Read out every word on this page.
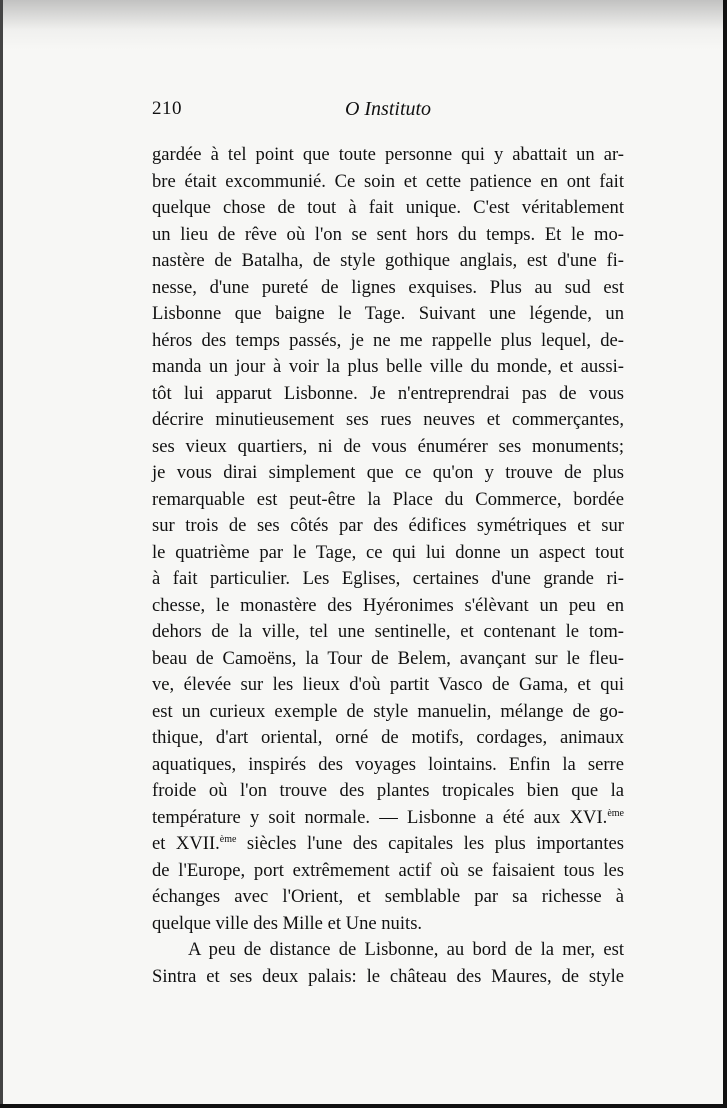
210	O Instituto
gardée à tel point que toute personne qui y abattait un ar-
bre était excommunié. Ce soin et cette patience en ont fait
quelque chose de tout à fait unique. C'est véritablement
un lieu de rêve où l'on se sent hors du temps. Et le mo-
nastère de Batalha, de style gothique anglais, est d'une fi-
nesse, d'une pureté de lignes exquises. Plus au sud est
Lisbonne que baigne le Tage. Suivant une légende, un
héros des temps passés, je ne me rappelle plus lequel, de-
manda un jour à voir la plus belle ville du monde, et aussi-
tôt lui apparut Lisbonne. Je n'entreprendrai pas de vous
décrire minutieusement ses rues neuves et commerçantes,
ses vieux quartiers, ni de vous énumérer ses monuments;
je vous dirai simplement que ce qu'on y trouve de plus
remarquable est peut-être la Place du Commerce, bordée
sur trois de ses côtés par des édifices symétriques et sur
le quatrième par le Tage, ce qui lui donne un aspect tout
à fait particulier. Les Eglises, certaines d'une grande ri-
chesse, le monastère des Hyéronimes s'élèvant un peu en
dehors de la ville, tel une sentinelle, et contenant le tom-
beau de Camoëns, la Tour de Belem, avançant sur le fleu-
ve, élevée sur les lieux d'où partit Vasco de Gama, et qui
est un curieux exemple de style manuelin, mélange de go-
thique, d'art oriental, orné de motifs, cordages, animaux
aquatiques, inspirés des voyages lointains. Enfin la serre
froide où l'on trouve des plantes tropicales bien que la
température y soit normale. — Lisbonne a été aux XVI.$^{ème}$
et XVII.$^{ème}$ siècles l'une des capitales les plus importantes
de l'Europe, port extrêmement actif où se faisaient tous les
échanges avec l'Orient, et semblable par sa richesse à
quelque ville des Mille et Une nuits.
A peu de distance de Lisbonne, au bord de la mer, est
Sintra et ses deux palais: le château des Maures, de style
